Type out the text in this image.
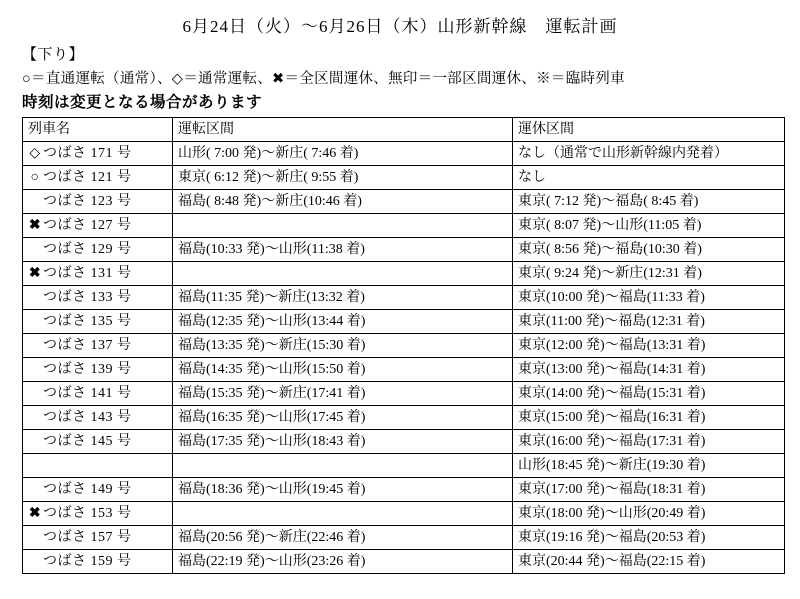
6月24日（火）～6月26日（木）山形新幹線　運転計画
【下り】
○＝直通運転（通常）、◇＝通常運転、✖＝全区間運休、無印＝一部区間運休、※＝臨時列車
時刻は変更となる場合があります
列車名	運転区間	運休区間
◇ つばさ 171 号	山形( 7:00 発)～新庄( 7:46 着)	なし（通常で山形新幹線内発着）
○ つばさ 121 号	東京( 6:12 発)～新庄( 9:55 着)	なし
つばさ 123 号	福島( 8:48 発)～新庄(10:46 着)	東京( 7:12 発)～福島( 8:45 着)
✖ つばさ 127 号		東京( 8:07 発)～山形(11:05 着)
つばさ 129 号	福島(10:33 発)～山形(11:38 着)	東京( 8:56 発)～福島(10:30 着)
✖ つばさ 131 号		東京( 9:24 発)～新庄(12:31 着)
つばさ 133 号	福島(11:35 発)～新庄(13:32 着)	東京(10:00 発)～福島(11:33 着)
つばさ 135 号	福島(12:35 発)～山形(13:44 着)	東京(11:00 発)～福島(12:31 着)
つばさ 137 号	福島(13:35 発)～新庄(15:30 着)	東京(12:00 発)～福島(13:31 着)
つばさ 139 号	福島(14:35 発)～山形(15:50 着)	東京(13:00 発)～福島(14:31 着)
つばさ 141 号	福島(15:35 発)～新庄(17:41 着)	東京(14:00 発)～福島(15:31 着)
つばさ 143 号	福島(16:35 発)～山形(17:45 着)	東京(15:00 発)～福島(16:31 着)
つばさ 145 号	福島(17:35 発)～山形(18:43 着)	東京(16:00 発)～福島(17:31 着)
		山形(18:45 発)～新庄(19:30 着)
つばさ 149 号	福島(18:36 発)～山形(19:45 着)	東京(17:00 発)～福島(18:31 着)
✖ つばさ 153 号		東京(18:00 発)～山形(20:49 着)
つばさ 157 号	福島(20:56 発)～新庄(22:46 着)	東京(19:16 発)～福島(20:53 着)
つばさ 159 号	福島(22:19 発)～山形(23:26 着)	東京(20:44 発)～福島(22:15 着)
